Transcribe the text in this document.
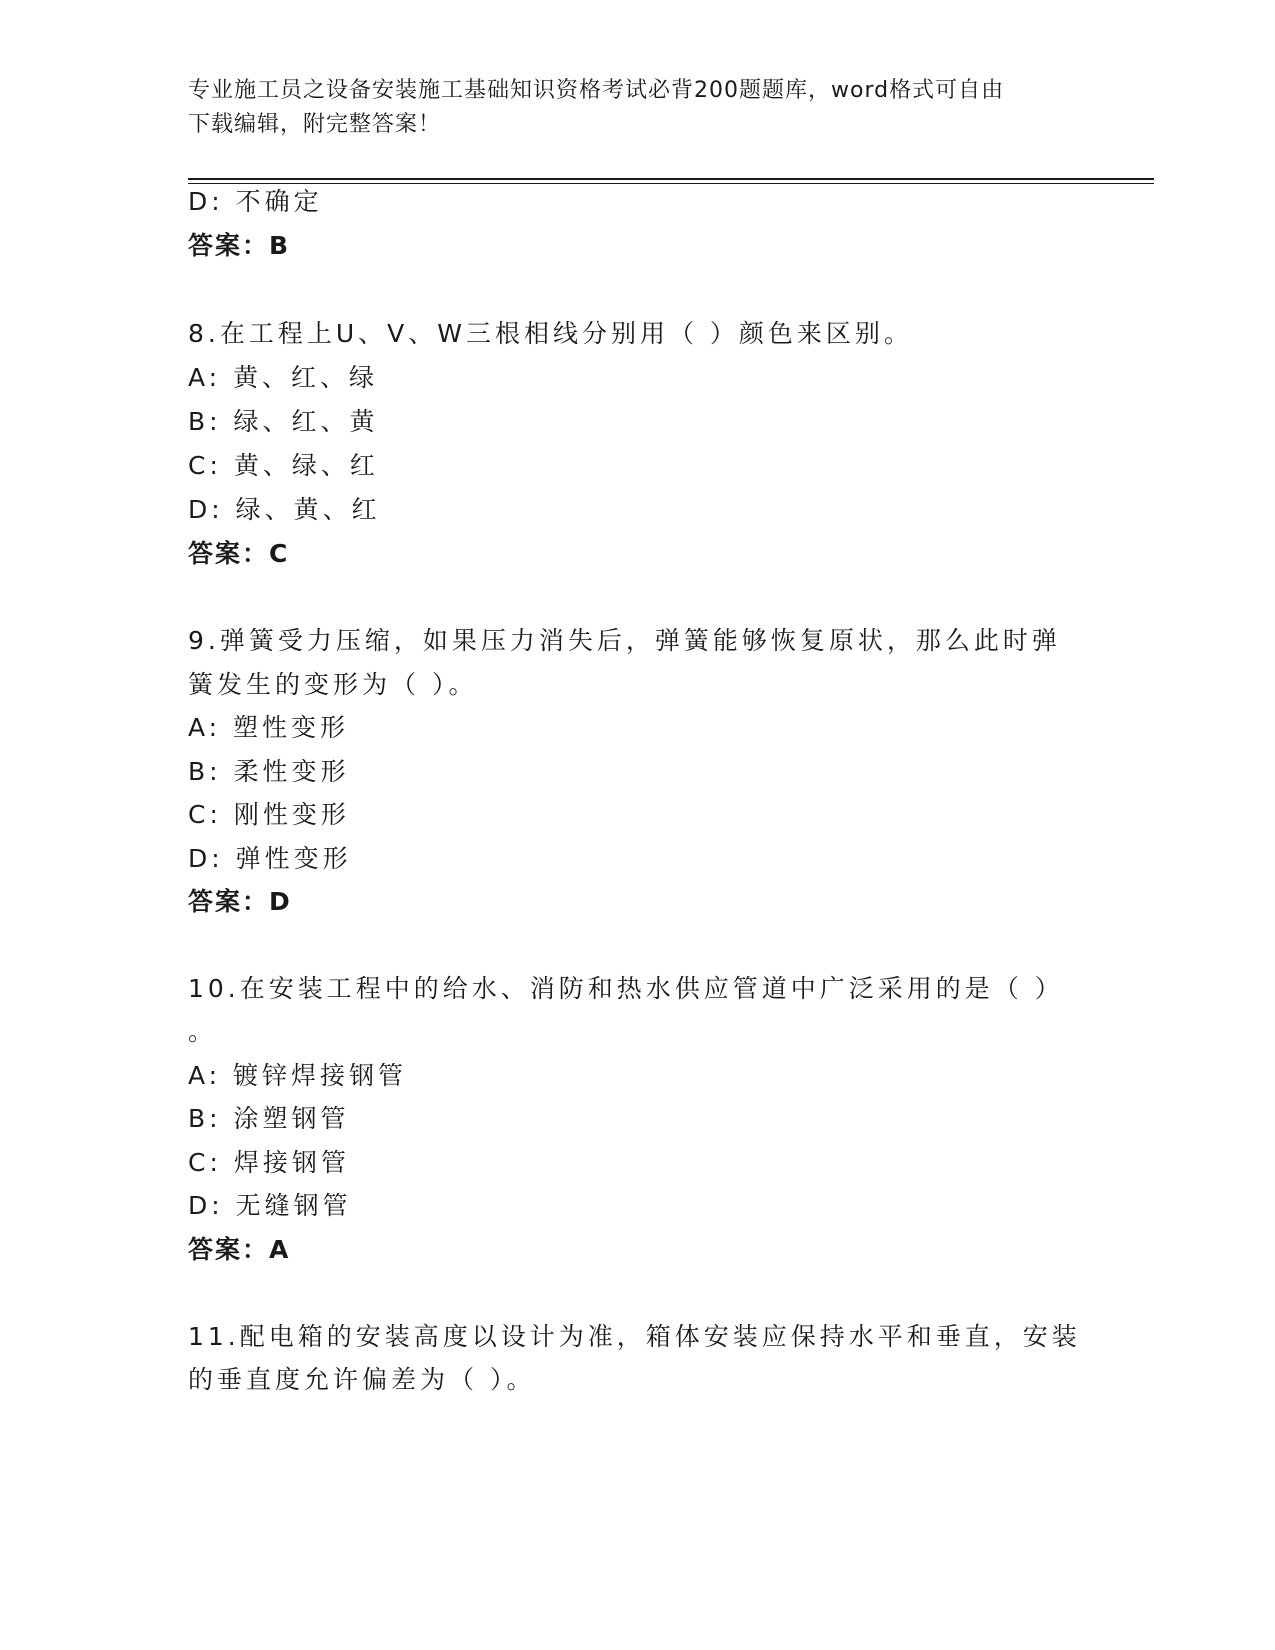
专业施工员之设备安装施工基础知识资格考试必背200题题库，word格式可自由
下载编辑，附完整答案！
D: 不确定
答案：B
8.在工程上U、V、W三根相线分别用（ ）颜色来区别。
A: 黄、红、绿
B: 绿、红、黄
C: 黄、绿、红
D: 绿、黄、红
答案：C
9.弹簧受力压缩，如果压力消失后，弹簧能够恢复原状，那么此时弹
簧发生的变形为（ ）。
A: 塑性变形
B: 柔性变形
C: 刚性变形
D: 弹性变形
答案：D
10.在安装工程中的给水、消防和热水供应管道中广泛采用的是（ ）
。
A: 镀锌焊接钢管
B: 涂塑钢管
C: 焊接钢管
D: 无缝钢管
答案：A
11.配电箱的安装高度以设计为准，箱体安装应保持水平和垂直，安装
的垂直度允许偏差为（ ）。
